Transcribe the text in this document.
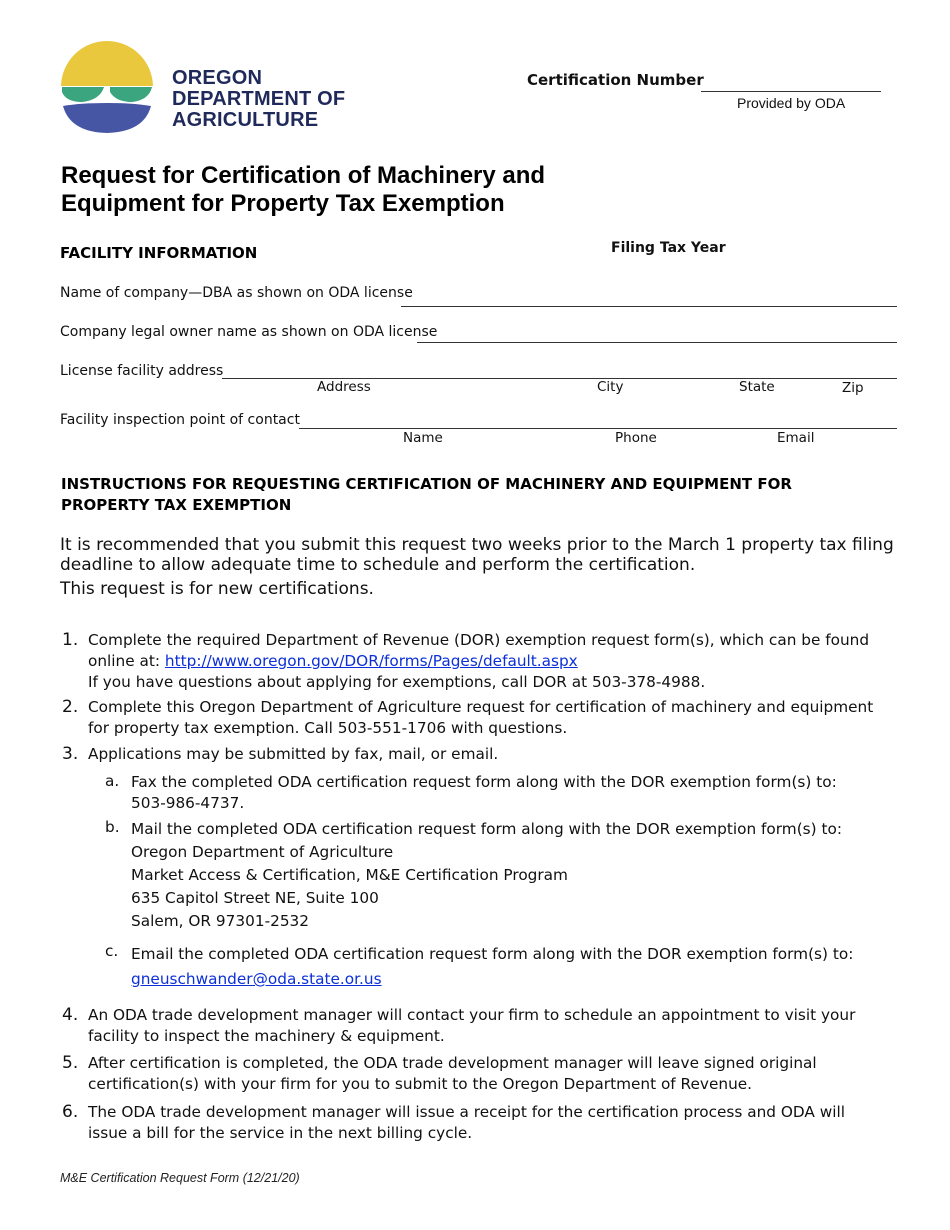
OREGON
DEPARTMENT OF
AGRICULTURE
Certification Number
Provided by ODA
Request for Certification of Machinery and
Equipment for Property Tax Exemption
FACILITY INFORMATION	Filing Tax Year
Name of company—DBA as shown on ODA license
Company legal owner name as shown on ODA license
License facility address
Address	City	State	Zip
Facility inspection point of contact
Name	Phone	Email
INSTRUCTIONS FOR REQUESTING CERTIFICATION OF MACHINERY AND EQUIPMENT FOR
PROPERTY TAX EXEMPTION
It is recommended that you submit this request two weeks prior to the March 1 property tax filing
deadline to allow adequate time to schedule and perform the certification.
This request is for new certifications.
1. Complete the required Department of Revenue (DOR) exemption request form(s), which can be found
online at: http://www.oregon.gov/DOR/forms/Pages/default.aspx
If you have questions about applying for exemptions, call DOR at 503-378-4988.
2. Complete this Oregon Department of Agriculture request for certification of machinery and equipment
for property tax exemption. Call 503-551-1706 with questions.
3. Applications may be submitted by fax, mail, or email.
a. Fax the completed ODA certification request form along with the DOR exemption form(s) to:
503-986-4737.
b. Mail the completed ODA certification request form along with the DOR exemption form(s) to:
Oregon Department of Agriculture
Market Access & Certification, M&E Certification Program
635 Capitol Street NE, Suite 100
Salem, OR 97301-2532
c. Email the completed ODA certification request form along with the DOR exemption form(s) to:
gneuschwander@oda.state.or.us
4. An ODA trade development manager will contact your firm to schedule an appointment to visit your
facility to inspect the machinery & equipment.
5. After certification is completed, the ODA trade development manager will leave signed original
certification(s) with your firm for you to submit to the Oregon Department of Revenue.
6. The ODA trade development manager will issue a receipt for the certification process and ODA will
issue a bill for the service in the next billing cycle.
M&E Certification Request Form (12/21/20)
